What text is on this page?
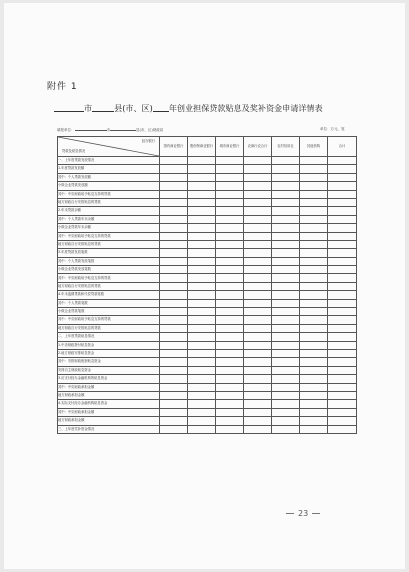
附件 1
市	县(市、区) 年创业担保贷款贴息及奖补资金申请详情表
填报单位：	市	县(市、区)财政局	单位：万元、笔
经办银行
贷款及贴息情况	国有商业银行	股份制商业银行	城市商业银行	农商行农合行	农村信用社	其他机构	合计
一、上年度贷款发放情况							
1.年度贷款发放额							
其中：个人贷款发放额							
小微企业贷款发放额							
其中：中央财政给予贴息支持的贷款							
地方财政自行安排贴息的贷款							
2.年末贷款余额							
其中：个人贷款年末余额							
小微企业贷款年末余额							
其中：中央财政给予贴息支持的贷款							
地方财政自行安排贴息的贷款							
3.年度贷款发放笔数							
其中：个人贷款发放笔数							
小微企业贷款发放笔数							
其中：中央财政给予贴息支持的贷款							
地方财政自行安排贴息的贷款							
4.年末逾期贷款和代偿贷款笔数							
其中：个人贷款笔数							
小微企业贷款笔数							
其中：中央财政给予贴息支持的贷款							
地方财政自行安排贴息的贷款							
二、上年度贷款贴息情况							
1.中央财政拨付贴息资金							
2.地方财政安排贴息资金							
其中：安排财政配套贴息资金							
安排自主财政贴息资金							
3.应支付经办金融机构的贴息资金							
其中：中央财政承担金额							
地方财政承担金额							
4.实际支付经办金融机构贴息资金							
其中：中央财政承担金额							
地方财政承担金额							
三、上年度奖补资金情况							
23
